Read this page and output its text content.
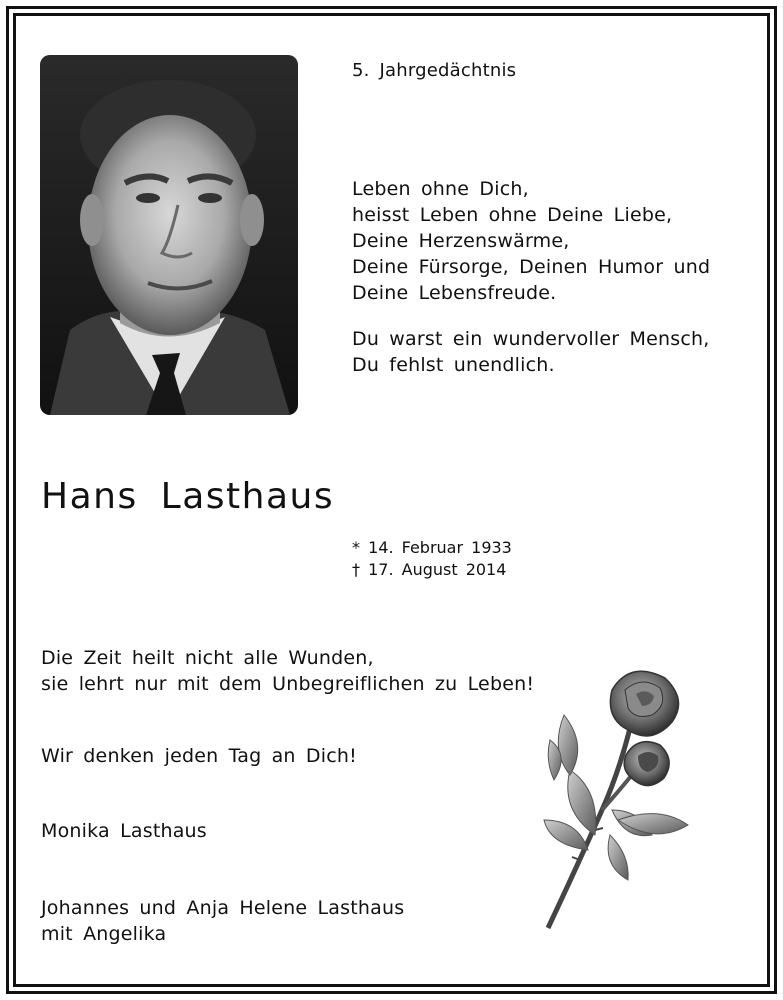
5. Jahrgedächtnis
Leben ohne Dich,
heisst Leben ohne Deine Liebe,
Deine Herzenswärme,
Deine Fürsorge, Deinen Humor und
Deine Lebensfreude.
Du warst ein wundervoller Mensch,
Du fehlst unendlich.
Hans Lasthaus
* 14. Februar 1933
† 17. August 2014
Die Zeit heilt nicht alle Wunden,
sie lehrt nur mit dem Unbegreiflichen zu Leben!
Wir denken jeden Tag an Dich!
Monika Lasthaus
Johannes und Anja Helene Lasthaus
mit Angelika
